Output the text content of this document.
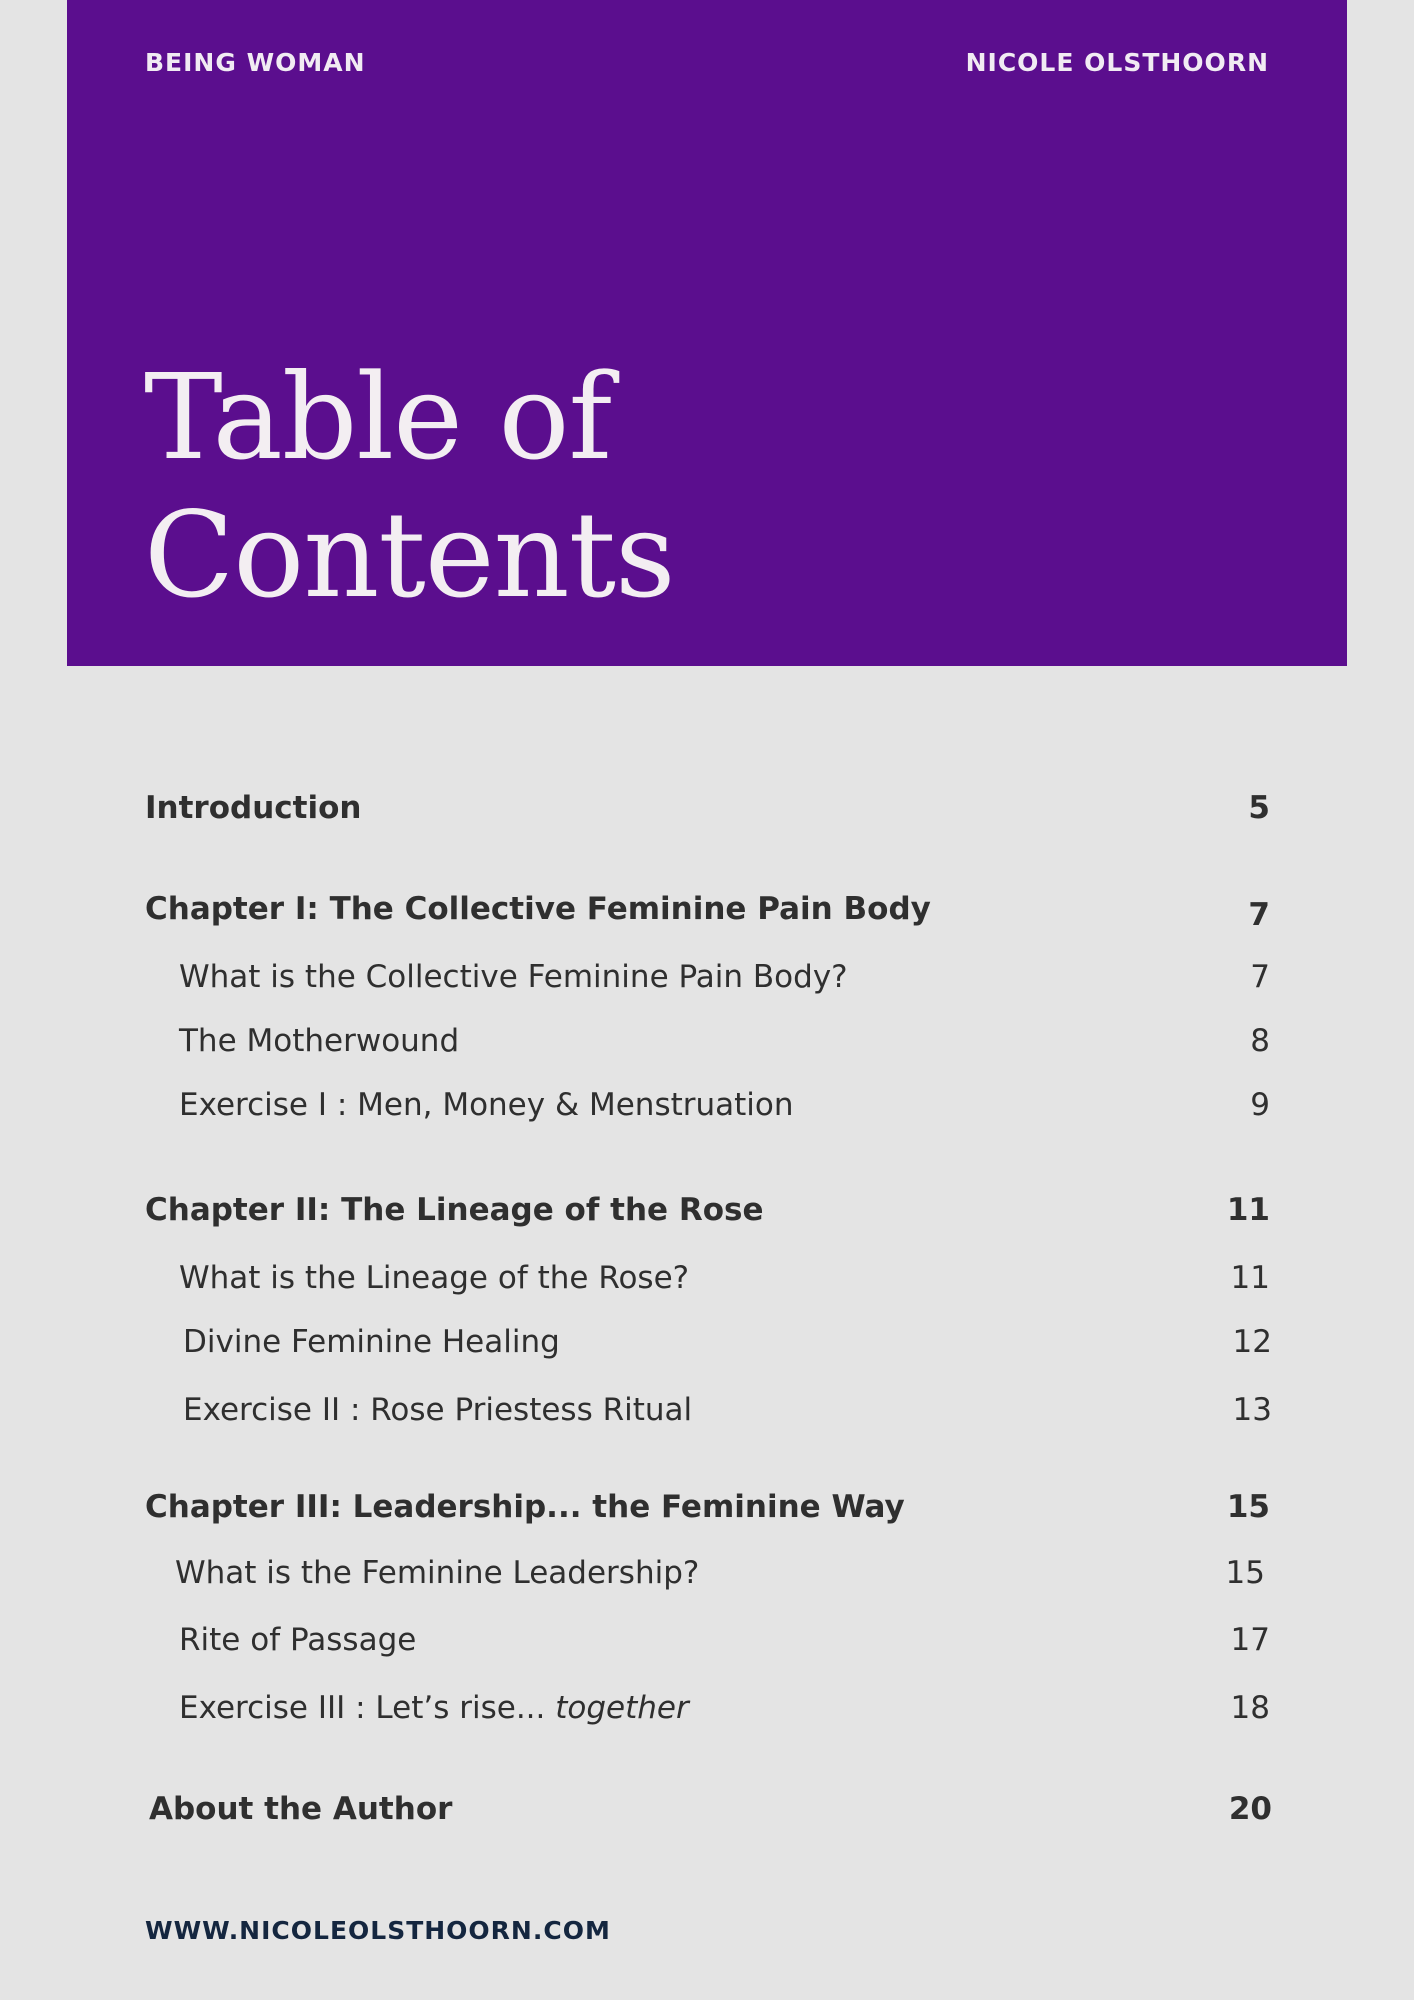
BEING WOMAN	NICOLE OLSTHOORN
Table of
Contents
Introduction	5
Chapter I: The Collective Feminine Pain Body	7
What is the Collective Feminine Pain Body?	7
The Motherwound	8
Exercise I : Men, Money & Menstruation	9
Chapter II: The Lineage of the Rose	11
What is the Lineage of the Rose?	11
Divine Feminine Healing	12
Exercise II : Rose Priestess Ritual	13
Chapter III: Leadership... the Feminine Way	15
What is the Feminine Leadership?	15
Rite of Passage	17
Exercise III : Let’s rise... together	18
About the Author	20
WWW.NICOLEOLSTHOORN.COM
